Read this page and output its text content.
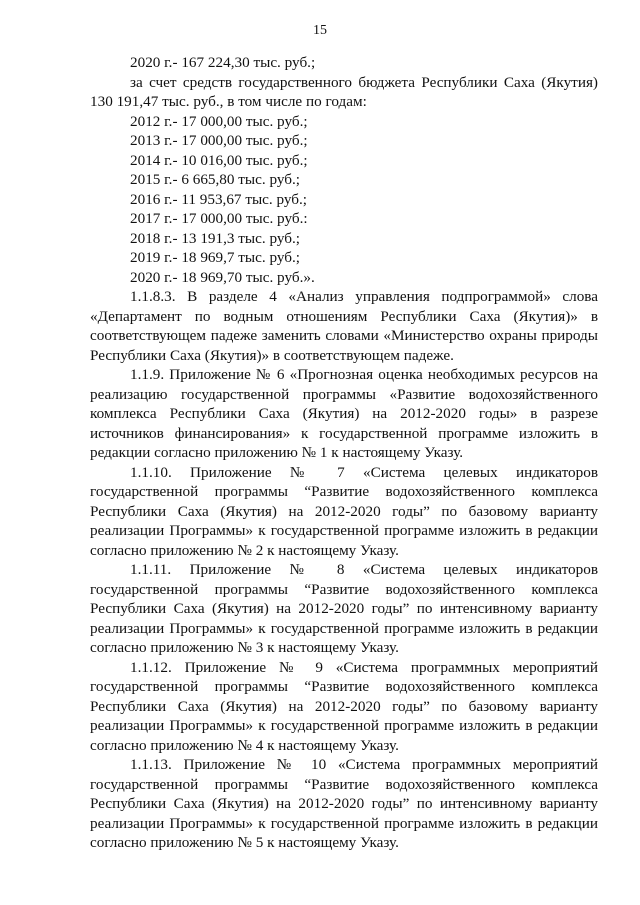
15
2020 г.- 167 224,30 тыс. руб.;
за счет средств государственного бюджета Республики Саха (Якутия)
130 191,47 тыс. руб., в том числе по годам:
2012 г.- 17 000,00 тыс. руб.;
2013 г.- 17 000,00 тыс. руб.;
2014 г.- 10 016,00 тыс. руб.;
2015 г.- 6 665,80 тыс. руб.;
2016 г.- 11 953,67 тыс. руб.;
2017 г.- 17 000,00 тыс. руб.:
2018 г.- 13 191,3 тыс. руб.;
2019 г.- 18 969,7 тыс. руб.;
2020 г.- 18 969,70 тыс. руб.».
1.1.8.3. В разделе 4 «Анализ управления подпрограммой» слова
«Департамент по водным отношениям Республики Саха (Якутия)» в
соответствующем падеже заменить словами «Министерство охраны природы
Республики Саха (Якутия)» в соответствующем падеже.
1.1.9. Приложение № 6 «Прогнозная оценка необходимых ресурсов на
реализацию государственной программы «Развитие водохозяйственного
комплекса Республики Саха (Якутия) на 2012-2020 годы» в разрезе
источников финансирования» к государственной программе изложить в
редакции согласно приложению № 1 к настоящему Указу.
1.1.10. Приложение № 7 «Система целевых индикаторов
государственной программы “Развитие водохозяйственного комплекса
Республики Саха (Якутия) на 2012-2020 годы” по базовому варианту
реализации Программы» к государственной программе изложить в редакции
согласно приложению № 2 к настоящему Указу.
1.1.11. Приложение № 8 «Система целевых индикаторов
государственной программы “Развитие водохозяйственного комплекса
Республики Саха (Якутия) на 2012-2020 годы” по интенсивному варианту
реализации Программы» к государственной программе изложить в редакции
согласно приложению № 3 к настоящему Указу.
1.1.12. Приложение № 9 «Система программных мероприятий
государственной программы “Развитие водохозяйственного комплекса
Республики Саха (Якутия) на 2012-2020 годы” по базовому варианту
реализации Программы» к государственной программе изложить в редакции
согласно приложению № 4 к настоящему Указу.
1.1.13. Приложение № 10 «Система программных мероприятий
государственной программы “Развитие водохозяйственного комплекса
Республики Саха (Якутия) на 2012-2020 годы” по интенсивному варианту
реализации Программы» к государственной программе изложить в редакции
согласно приложению № 5 к настоящему Указу.
